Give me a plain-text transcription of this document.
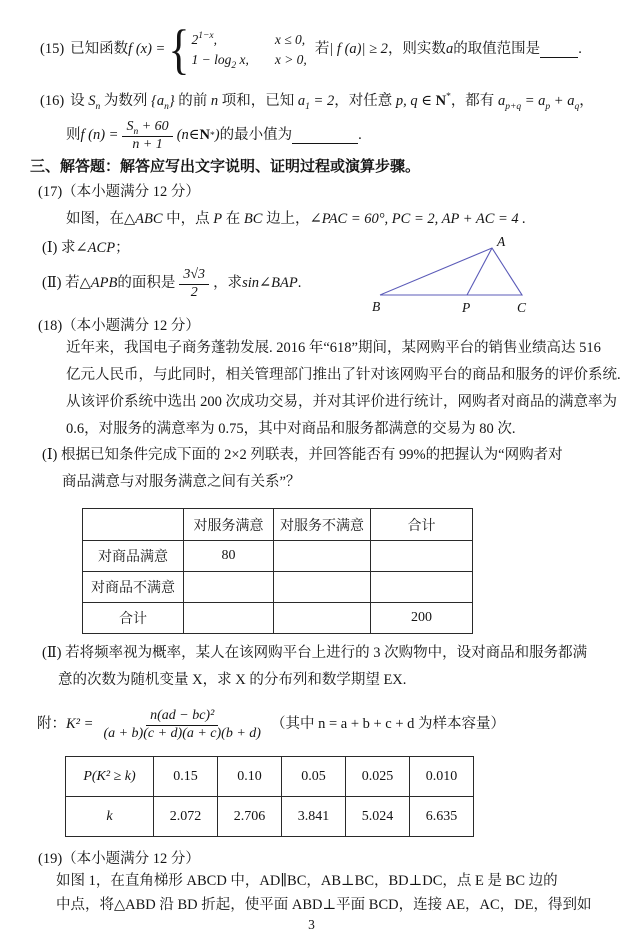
(15) 已知函数 f (x) = { $2^{1-x}$,	x ≤ 0,
$1 - \log_2 x$, x > 0,
若 | f (a)| ≥ 2 ，则实数 a 的取值范围是	.
(16) 设 $S_n$ 为数列 $\{a_n\}$ 的前 n 项和，已知 $a_1 = 2$，对任意 p, q ∈ N*，都有 $a_{p+q} = a_p + a_q$，
则 f $(n) = \frac{S_n + 60}{n + 1}$ ( n ∈ N * ) 的最小值为	.
三、解答题：解答应写出文字说明、证明过程或演算步骤。
(17)（本小题满分 12 分）
如图，在△ABC 中，点 P 在 BC 边上，∠PAC = 60°, PC = 2, AP + AC = 4 .
(Ⅰ) 求∠ACP；
(Ⅱ) 若△ APB 的面积是 $\frac{3√3}{2}$ ，求 sin∠BAP .
A
B	P	C
(18)（本小题满分 12 分）
近年来，我国电子商务蓬勃发展. 2016 年“618”期间，某网购平台的销售业绩高达 516
亿元人民币，与此同时，相关管理部门推出了针对该网购平台的商品和服务的评价系统.
从该评价系统中选出 200 次成功交易，并对其评价进行统计，网购者对商品的满意率为
0.6，对服务的满意率为 0.75，其中对商品和服务都满意的交易为 80 次.
(Ⅰ) 根据已知条件完成下面的 2×2 列联表，并回答能否有 99%的把握认为“网购者对
商品满意与对服务满意之间有关系”？
	对服务满意	对服务不满意	合计
对商品满意	80		
对商品不满意			
合计			200
(Ⅱ) 若将频率视为概率，某人在该网购平台上进行的 3 次购物中，设对商品和服务都满
意的次数为随机变量 X，求 X 的分布列和数学期望 EX.
附： $K^2 = \frac{\text{n(ad − bc)²}}{(a + b)(c + d)(a + c)(b + d)}$ （其中 n = a + b + c + d 为样本容量）
P(K² ≥ k)	0.15	0.10	0.05	0.025	0.010
k	2.072	2.706	3.841	5.024	6.635
(19)（本小题满分 12 分）
如图 1，在直角梯形 ABCD 中，AD∥BC，AB⊥BC，BD⊥DC，点 E 是 BC 边的
中点，将△ABD 沿 BD 折起，使平面 ABD⊥平面 BCD，连接 AE，AC，DE，得到如
3
